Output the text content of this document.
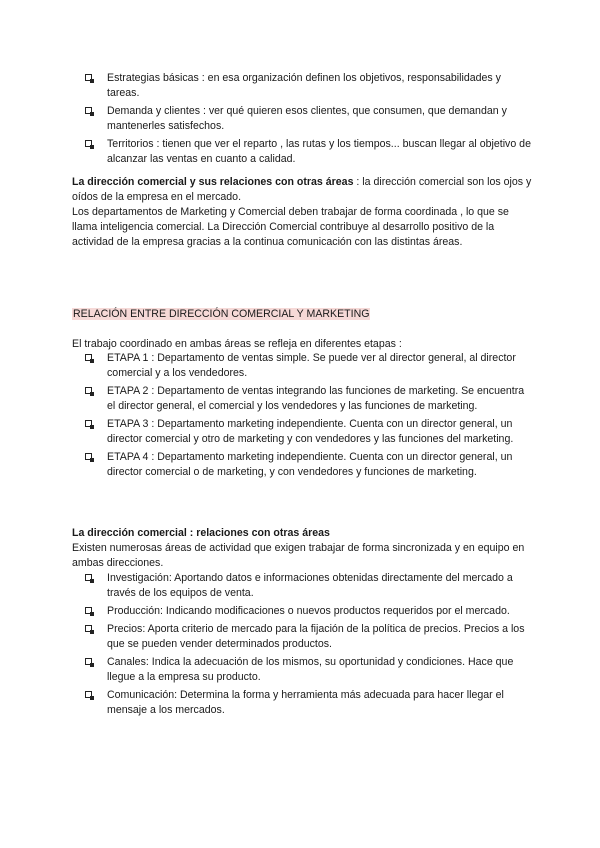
Estrategias básicas : en esa organización definen los objetivos, responsabilidades y tareas.
Demanda y clientes : ver qué quieren esos clientes, que consumen, que demandan y mantenerles satisfechos.
Territorios : tienen que ver el reparto , las rutas y los tiempos... buscan llegar al objetivo de alcanzar las ventas en cuanto a calidad.

La dirección comercial y sus relaciones con otras áreas : la dirección comercial son los ojos y oídos de la empresa en el mercado.

Los departamentos de Marketing y Comercial deben trabajar de forma coordinada , lo que se llama inteligencia comercial. La Dirección Comercial contribuye al desarrollo positivo de la actividad de la empresa gracias a la continua comunicación con las distintas áreas.

RELACIÓN ENTRE DIRECCIÓN COMERCIAL Y MARKETING
El trabajo coordinado en ambas áreas se refleja en diferentes etapas :
ETAPA 1 : Departamento de ventas simple. Se puede ver al director general, al director comercial y a los vendedores.
ETAPA 2 : Departamento de ventas integrando las funciones de marketing. Se encuentra el director general, el comercial y los vendedores y las funciones de marketing.
ETAPA 3 : Departamento marketing independiente. Cuenta con un director general, un director comercial y otro de marketing y con vendedores y las funciones del marketing.
ETAPA 4 : Departamento marketing independiente. Cuenta con un director general, un director comercial o de marketing, y con vendedores y funciones de marketing.

La dirección comercial : relaciones con otras áreas

Existen numerosas áreas de actividad que exigen trabajar de forma sincronizada y en equipo en ambas direcciones.

Investigación: Aportando datos e informaciones obtenidas directamente del mercado a través de los equipos de venta.
Producción: Indicando modificaciones o nuevos productos requeridos por el mercado.
Precios: Aporta criterio de mercado para la fijación de la política de precios. Precios a los que se pueden vender determinados productos.
Canales: Indica la adecuación de los mismos, su oportunidad y condiciones. Hace que llegue a la empresa su producto.
Comunicación: Determina la forma y herramienta más adecuada para hacer llegar el mensaje a los mercados.
